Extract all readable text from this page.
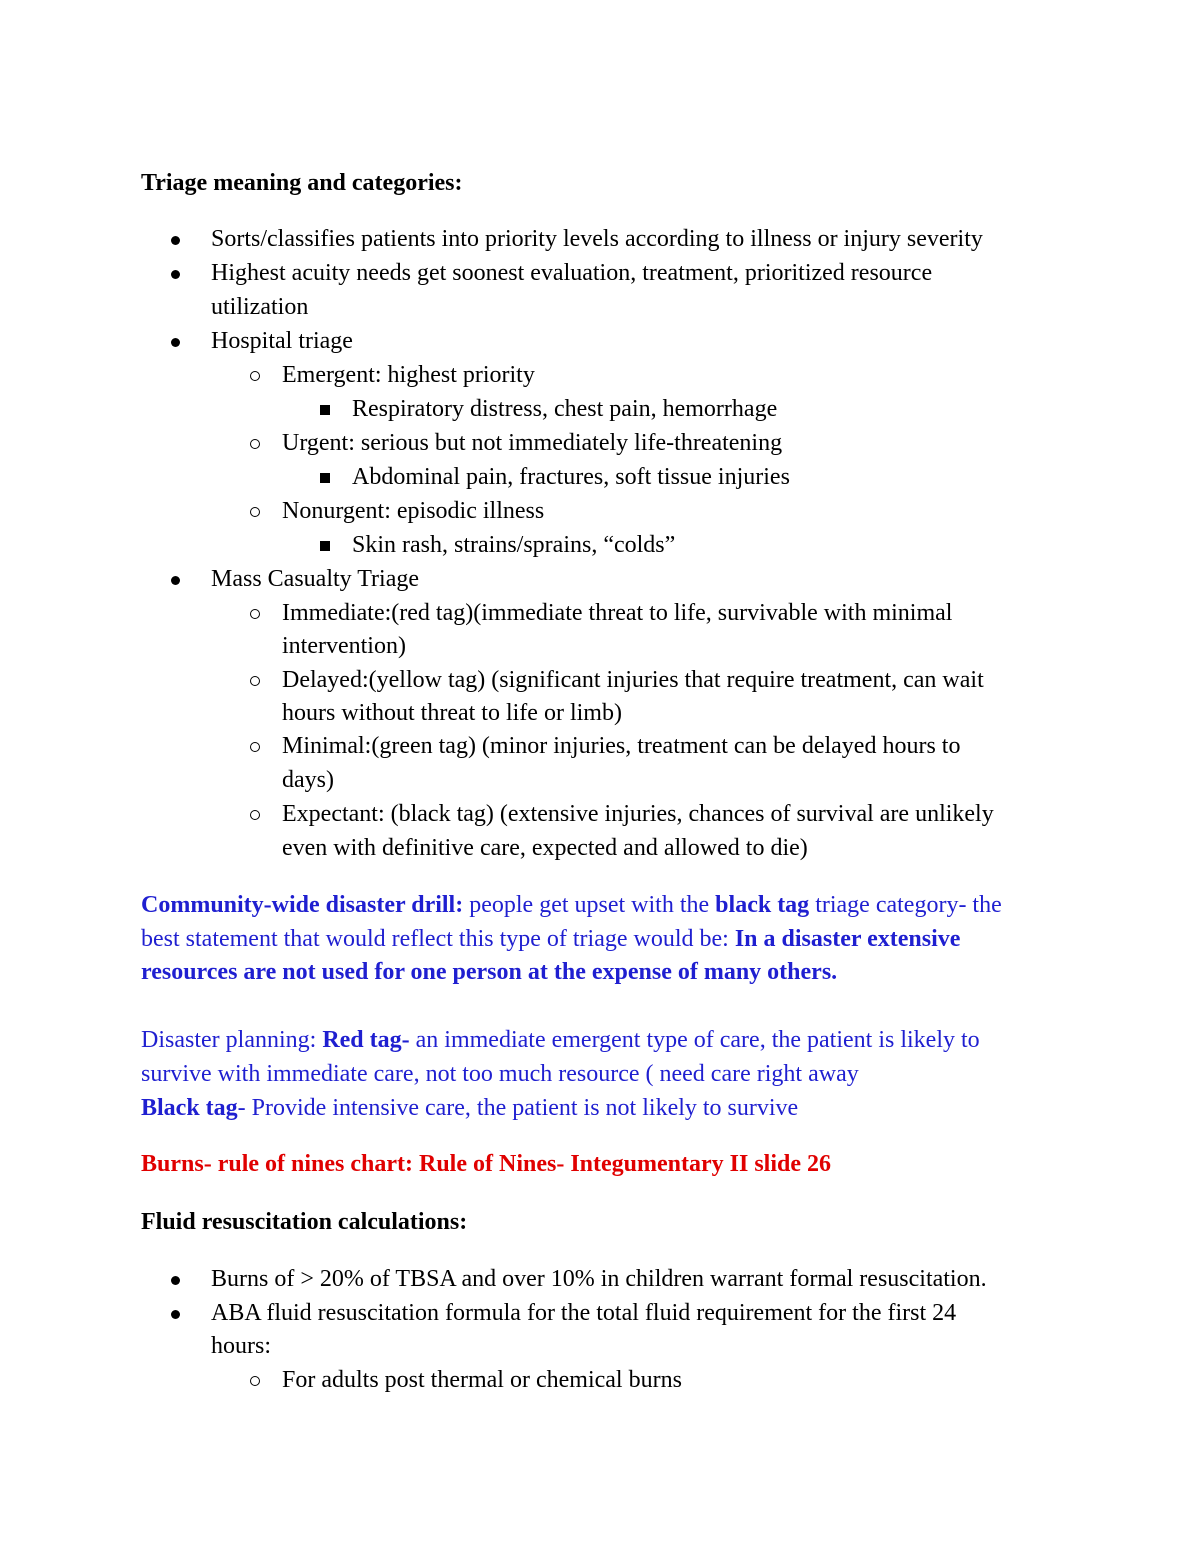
Triage meaning and categories:
Sorts/classifies patients into priority levels according to illness or injury severity
Highest acuity needs get soonest evaluation, treatment, prioritized resource
utilization
Hospital triage
Emergent: highest priority
Respiratory distress, chest pain, hemorrhage
Urgent: serious but not immediately life-threatening
Abdominal pain, fractures, soft tissue injuries
Nonurgent: episodic illness
Skin rash, strains/sprains, “colds”
Mass Casualty Triage
Immediate:(red tag)(immediate threat to life, survivable with minimal
intervention)
Delayed:(yellow tag) (significant injuries that require treatment, can wait
hours without threat to life or limb)
Minimal:(green tag) (minor injuries, treatment can be delayed hours to
days)
Expectant: (black tag) (extensive injuries, chances of survival are unlikely
even with definitive care, expected and allowed to die)
Community-wide disaster drill: people get upset with the black tag triage category- the
best statement that would reflect this type of triage would be: In a disaster extensive
resources are not used for one person at the expense of many others.
Disaster planning: Red tag- an immediate emergent type of care, the patient is likely to
survive with immediate care, not too much resource ( need care right away
Black tag- Provide intensive care, the patient is not likely to survive
Burns- rule of nines chart: Rule of Nines- Integumentary II slide 26
Fluid resuscitation calculations:
Burns of > 20% of TBSA and over 10% in children warrant formal resuscitation.
ABA fluid resuscitation formula for the total fluid requirement for the first 24
hours:
For adults post thermal or chemical burns
